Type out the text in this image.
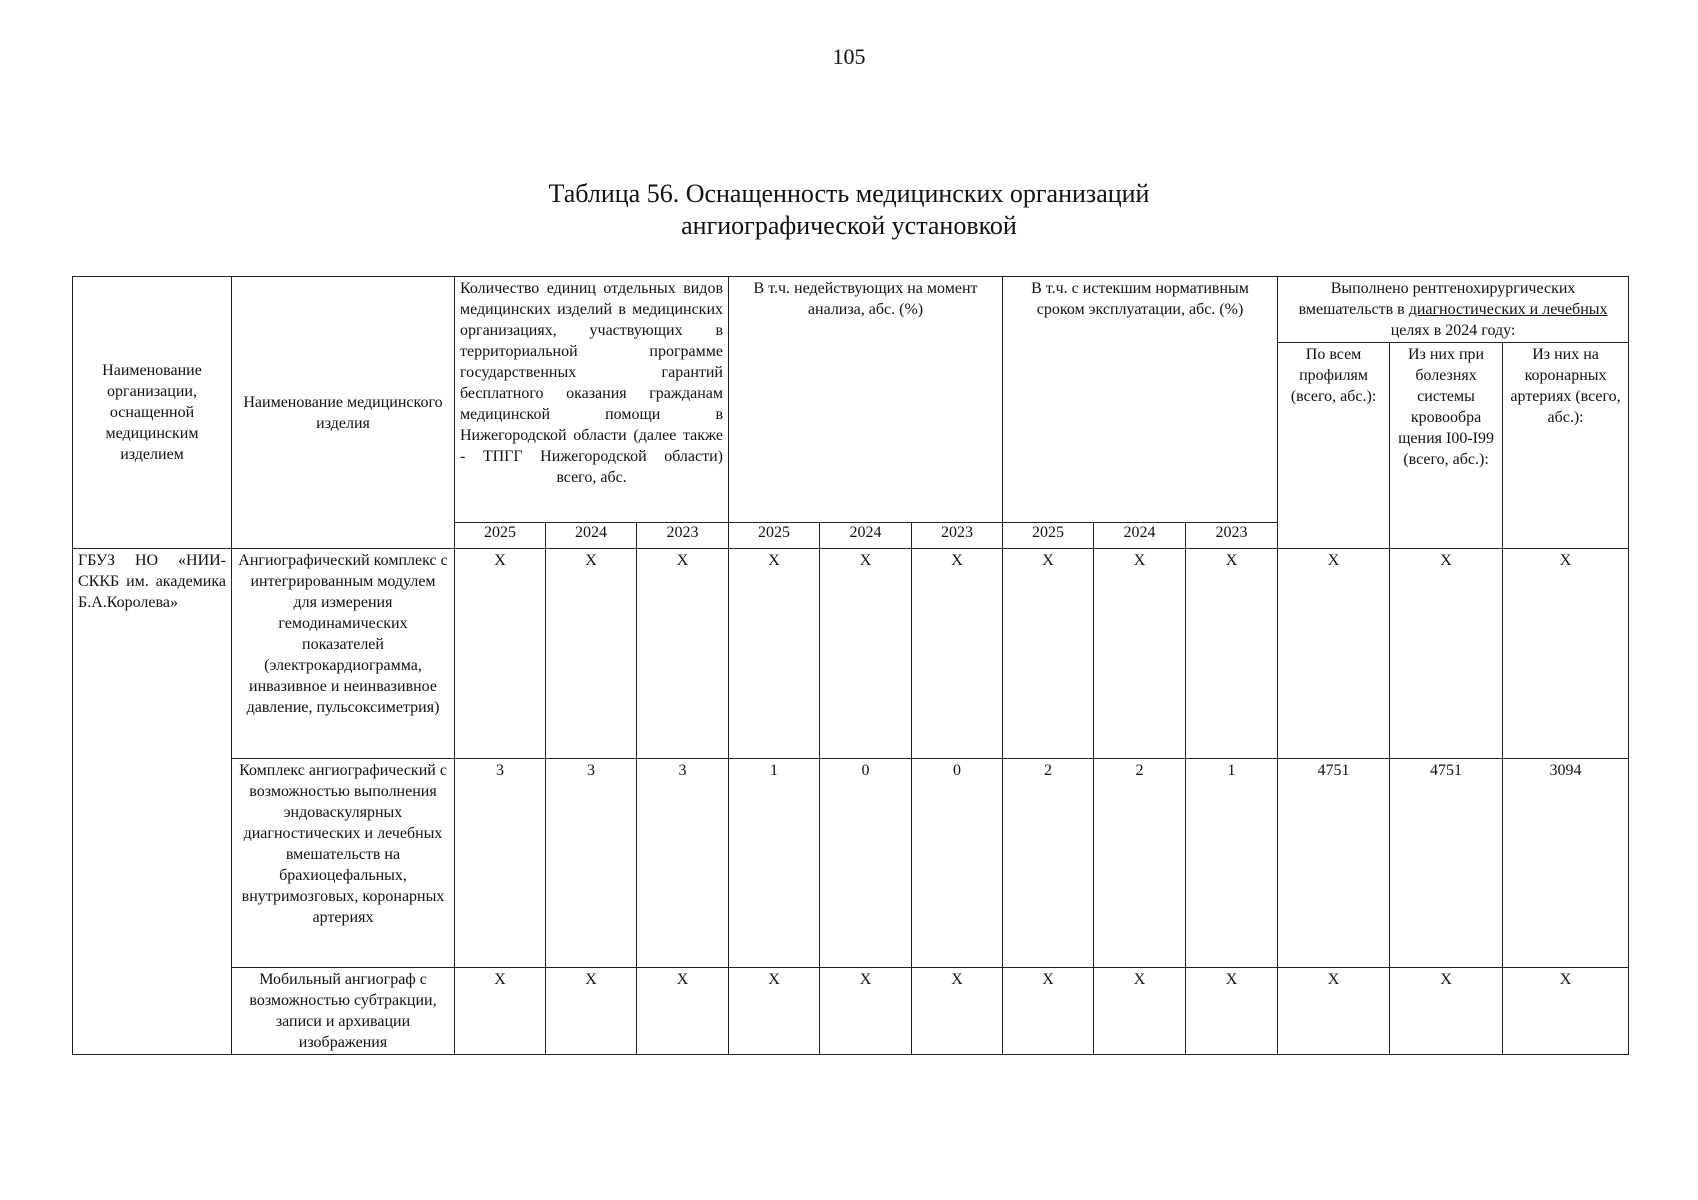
105
Таблица 56. Оснащенность медицинских организаций
ангиографической установкой
Наименование организации, оснащенной медицинским изделием	Наименование медицинского изделия	Количество единиц отдельных видов медицинских изделий в медицинских организациях, участвующих в территориальной программе государственных гарантий бесплатного оказания гражданам медицинской помощи в Нижегородской области (далее также - ТПГГ Нижегородской области) всего, абс.			В т.ч. недействующих на момент анализа, абс. (%)			В т.ч. с истекшим нормативным сроком эксплуатации, абс. (%)			Выполнено рентгенохирургических вмешательств в диагностических и лечебных целях в 2024 году:		
											По всем профилям (всего, абс.):	Из них при болезнях системы кровообра щения I00-I99 (всего, абс.):	Из них на коронарных артериях (всего, абс.):
		2025	2024	2023	2025	2024	2023	2025	2024	2023			

ГБУЗ НО «НИИ-СККБ им. академика Б.А.Королева»	Ангиографический комплекс с интегрированным модулем для измерения гемодинамических показателей (электрокардиограмма, инвазивное и неинвазивное давление, пульсоксиметрия)	X	X	X	X	X	X	X	X	X	X	X	X
	Комплекс ангиографический с возможностью выполнения эндоваскулярных диагностических и лечебных вмешательств на брахиоцефальных, внутримозговых, коронарных артериях	3	3	3	1	0	0	2	2	1	4751	4751	3094
	Мобильный ангиограф с возможностью субтракции, записи и архивации изображения	X	X	X	X	X	X	X	X	X	X	X	X
